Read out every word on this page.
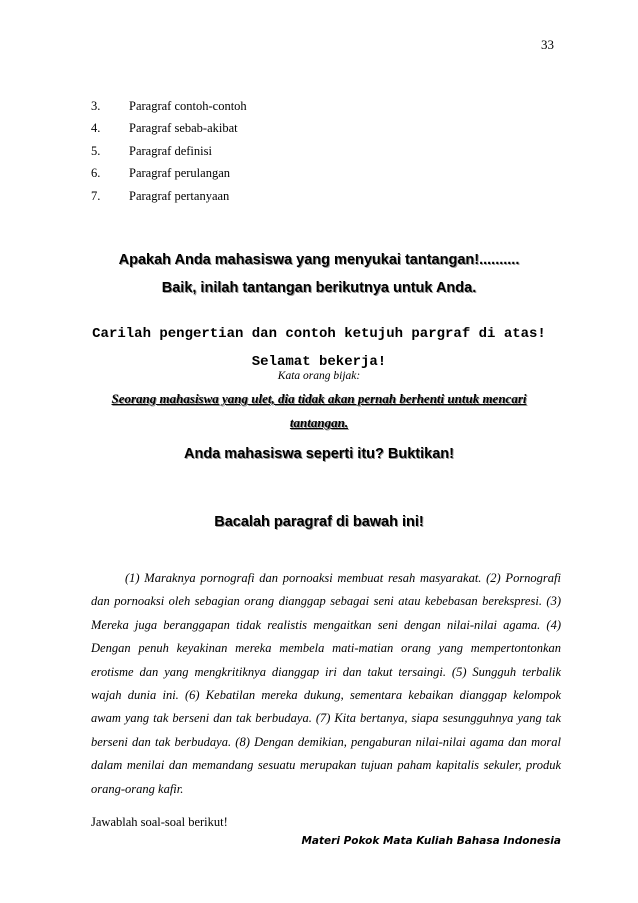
33
3.	Paragraf contoh-contoh
4.	Paragraf sebab-akibat
5.	Paragraf definisi
6.	Paragraf perulangan
7.	Paragraf pertanyaan
Apakah Anda mahasiswa yang menyukai tantangan!..........
Baik, inilah tantangan berikutnya untuk Anda.
Carilah pengertian dan contoh ketujuh pargraf di atas!
Selamat bekerja!
Kata orang bijak:
Seorang mahasiswa yang ulet, dia tidak akan pernah berhenti untuk mencari
tantangan.
Anda mahasiswa seperti itu? Buktikan!
Bacalah paragraf di bawah ini!
(1) Maraknya pornografi dan pornoaksi membuat resah masyarakat. (2) Pornografi dan pornoaksi oleh sebagian orang dianggap sebagai seni atau kebebasan berekspresi. (3) Mereka juga beranggapan tidak realistis mengaitkan seni dengan nilai-nilai agama. (4) Dengan penuh keyakinan mereka membela mati-matian orang yang mempertontonkan erotisme dan yang mengkritiknya dianggap iri dan takut tersaingi. (5) Sungguh terbalik wajah dunia ini. (6) Kebatilan mereka dukung, sementara kebaikan dianggap kelompok awam yang tak berseni dan tak berbudaya. (7) Kita bertanya, siapa sesungguhnya yang tak berseni dan tak berbudaya. (8) Dengan demikian, pengaburan nilai-nilai agama dan moral dalam menilai dan memandang sesuatu merupakan tujuan paham kapitalis sekuler, produk orang-orang kafir.
Jawablah soal-soal berikut!
Materi Pokok Mata Kuliah Bahasa Indonesia
